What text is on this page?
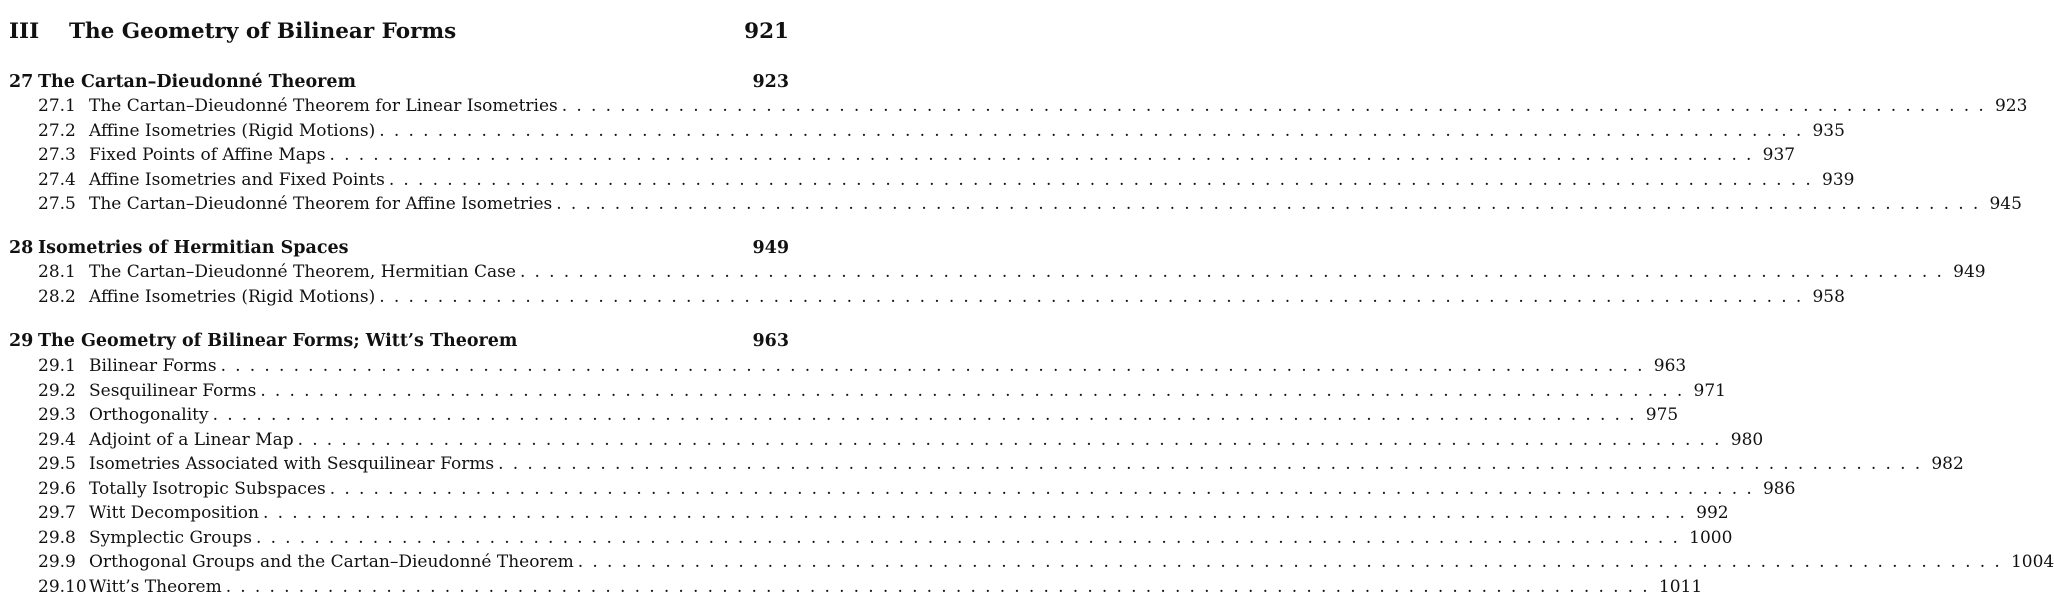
III The Geometry of Bilinear Forms	921
27 The Cartan–Dieudonné Theorem	923
27.1 The Cartan–Dieudonné Theorem for Linear Isometries .................................................................................................. 923
27.2 Affine Isometries (Rigid Motions) .................................................................................................. 935
27.3 Fixed Points of Affine Maps .................................................................................................. 937
27.4 Affine Isometries and Fixed Points .................................................................................................. 939
27.5 The Cartan–Dieudonné Theorem for Affine Isometries .................................................................................................. 945
28 Isometries of Hermitian Spaces	949
28.1 The Cartan–Dieudonné Theorem, Hermitian Case .................................................................................................. 949
28.2 Affine Isometries (Rigid Motions) .................................................................................................. 958
29 The Geometry of Bilinear Forms; Witt’s Theorem	963
29.1 Bilinear Forms .................................................................................................. 963
29.2 Sesquilinear Forms .................................................................................................. 971
29.3 Orthogonality .................................................................................................. 975
29.4 Adjoint of a Linear Map .................................................................................................. 980
29.5 Isometries Associated with Sesquilinear Forms .................................................................................................. 982
29.6 Totally Isotropic Subspaces .................................................................................................. 986
29.7 Witt Decomposition .................................................................................................. 992
29.8 Symplectic Groups .................................................................................................. 1000
29.9 Orthogonal Groups and the Cartan–Dieudonné Theorem .................................................................................................. 1004
29.10 Witt’s Theorem .................................................................................................. 1011
